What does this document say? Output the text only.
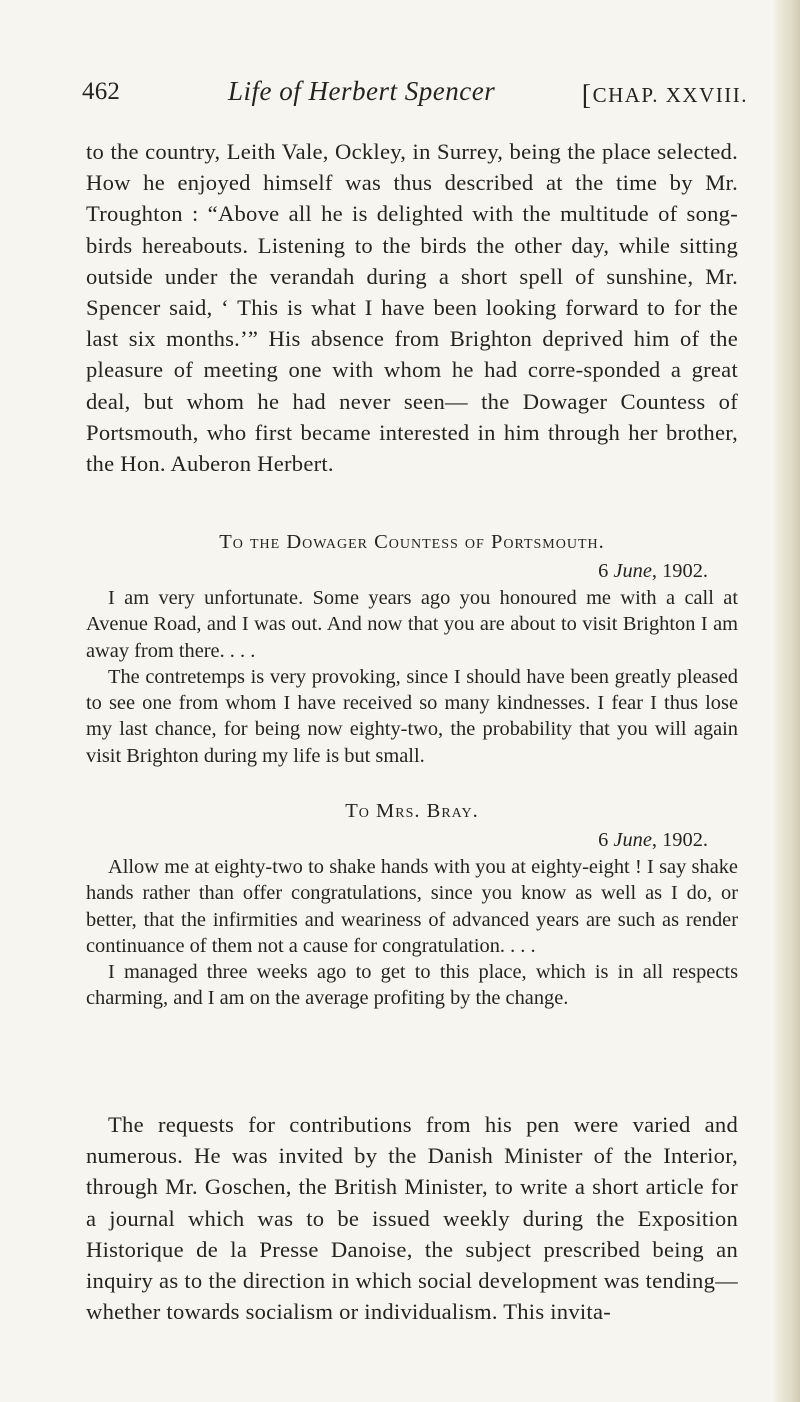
462	Life of Herbert Spencer	[CHAP. XXVIII.

to the country, Leith Vale, Ockley, in Surrey, being the place selected. How he enjoyed himself was thus described at the time by Mr. Troughton : “Above all he is delighted with the multitude of song-birds hereabouts. Listening to the birds the other day, while sitting outside under the verandah during a short spell of sunshine, Mr. Spencer said, ‘ This is what I have been looking forward to for the last six months.’” His absence from Brighton deprived him of the pleasure of meeting one with whom he had corre-sponded a great deal, but whom he had never seen— the Dowager Countess of Portsmouth, who first became interested in him through her brother, the Hon. Auberon Herbert.

To the Dowager Countess of Portsmouth.
6 June, 1902.

I am very unfortunate. Some years ago you honoured me with a call at Avenue Road, and I was out. And now that you are about to visit Brighton I am away from there. . . .

The contretemps is very provoking, since I should have been greatly pleased to see one from whom I have received so many kindnesses. I fear I thus lose my last chance, for being now eighty-two, the probability that you will again visit Brighton during my life is but small.

To Mrs. Bray.
6 June, 1902.

Allow me at eighty-two to shake hands with you at eighty-eight ! I say shake hands rather than offer congratulations, since you know as well as I do, or better, that the infirmities and weariness of advanced years are such as render continuance of them not a cause for congratulation. . . .

I managed three weeks ago to get to this place, which is in all respects charming, and I am on the average profiting by the change.

The requests for contributions from his pen were varied and numerous. He was invited by the Danish Minister of the Interior, through Mr. Goschen, the British Minister, to write a short article for a journal which was to be issued weekly during the Exposition Historique de la Presse Danoise, the subject prescribed being an inquiry as to the direction in which social development was tending— whether towards socialism or individualism. This invita-
